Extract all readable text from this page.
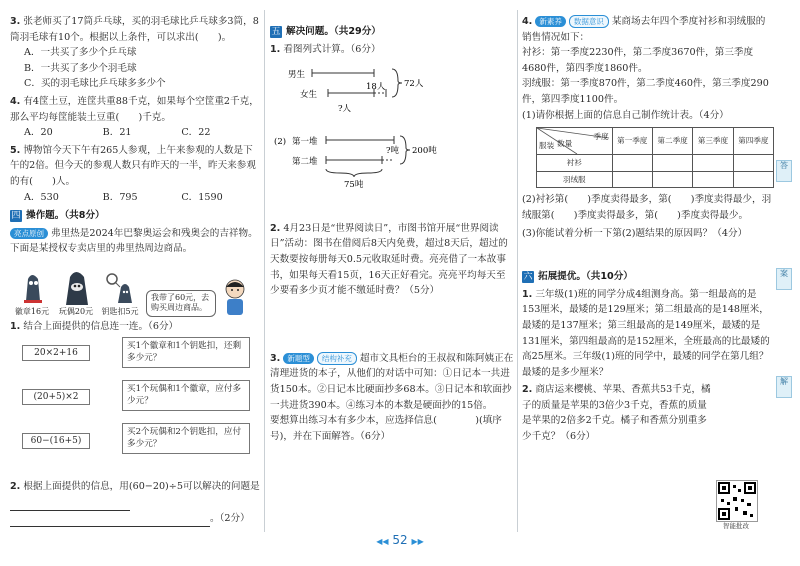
3. 张老师买了17筒乒乓球，买的羽毛球比乒乓球多3筒，8筒羽毛球有10个。根据以上条件，可以求出(　　)。
A．一共买了多少个乒乓球
B．一共买了多少个羽毛球
C．买的羽毛球比乒乓球多多少个
4. 有4筐土豆，连筐共重88千克，如果每个空筐重2千克，那么平均每筐能装土豆重(　　)千克。
A．20	B．21	C．22
5. 博物馆今天下午有265人参观，上午来参观的人数是下午的2倍。但今天的参观人数只有昨天的一半，昨天来参观的有(　　)人。
A．530	B．795	C．1590
四 操作题。（共8分）
亮点原创 弗里热是2024年巴黎奥运会和残奥会的吉祥物。下面是某授权专卖店里的弗里热周边商品。
徽章16元	玩偶20元	钥匙扣5元
我带了60元，去购买周边商品。
1. 结合上面提供的信息连一连。（6分）
20×2+16
(20+5)×2
60−(16+5)
买1个徽章和1个钥匙扣，还剩多少元？
买1个玩偶和1个徽章，应付多少元？
买2个玩偶和2个钥匙扣，应付多少元？
2. 根据上面提供的信息，用(60−20)÷5可以解决的问题是
。（2分）
五 解决问题。（共29分）
1. 看图列式计算。（6分）
男生
女生
18人 72人
?人
(2) 第一堆
第二堆
?吨 200吨
75吨
2. 4月23日是“世界阅读日”，市图书馆开展“世界阅读日”活动：图书在借阅后8天内免费，超过8天后，超过的天数要按每册每天0.5元收取延时费。亮亮借了一本故事书，如果每天看15页，16天正好看完。亮亮平均每天至少要看多少页才能不缴延时费？（5分）
3. 新题型 结构补充 超市文具柜台的王叔叔和陈阿姨正在清理进货的本子，从他们的对话中可知：①日记本一共进货150本。②日记本比硬面抄多68本。③日记本和软面抄一共进货390本。④练习本的本数是硬面抄的15倍。
要想算出练习本有多少本，应选择信息(　　　　)(填序号)，并在下面解答。（6分）
4. 新素养 数据意识 某商场去年四个季度衬衫和羽绒服的销售情况如下：
衬衫：第一季度2230件，第二季度3670件，第三季度4680件，第四季度1860件。
羽绒服：第一季度870件，第二季度460件，第三季度290件，第四季度1100件。
(1)请你根据上面的信息自己制作统计表。（4分）
季度
数量
服装	第一季度	第二季度	第三季度	第四季度
衬衫				
羽绒服				
(2)衬衫第(　　)季度卖得最多，第(　　)季度卖得最少，羽绒服第(　　)季度卖得最多，第(　　)季度卖得最少。
(3)你能试着分析一下第(2)题结果的原因吗？（4分）
六 拓展提优。（共10分）
1. 三年级(1)班的同学分成4组测身高。第一组最高的是153厘米，最矮的是129厘米；第二组最高的是148厘米，最矮的是137厘米；第三组最高的是149厘米，最矮的是131厘米，第四组最高的是152厘米，全班最高的比最矮的高25厘米。三年级(1)班的同学中，最矮的同学在第几组？最矮的是多少厘米？
2. 商店运来樱桃、苹果、香蕉共53千克，橘子的质量是苹果的3倍少3千克，香蕉的质量是苹果的2倍多2千克。橘子和香蕉分别重多少千克？（6分）
智能批改
答
案
解
◀◀ 52 ▶▶
